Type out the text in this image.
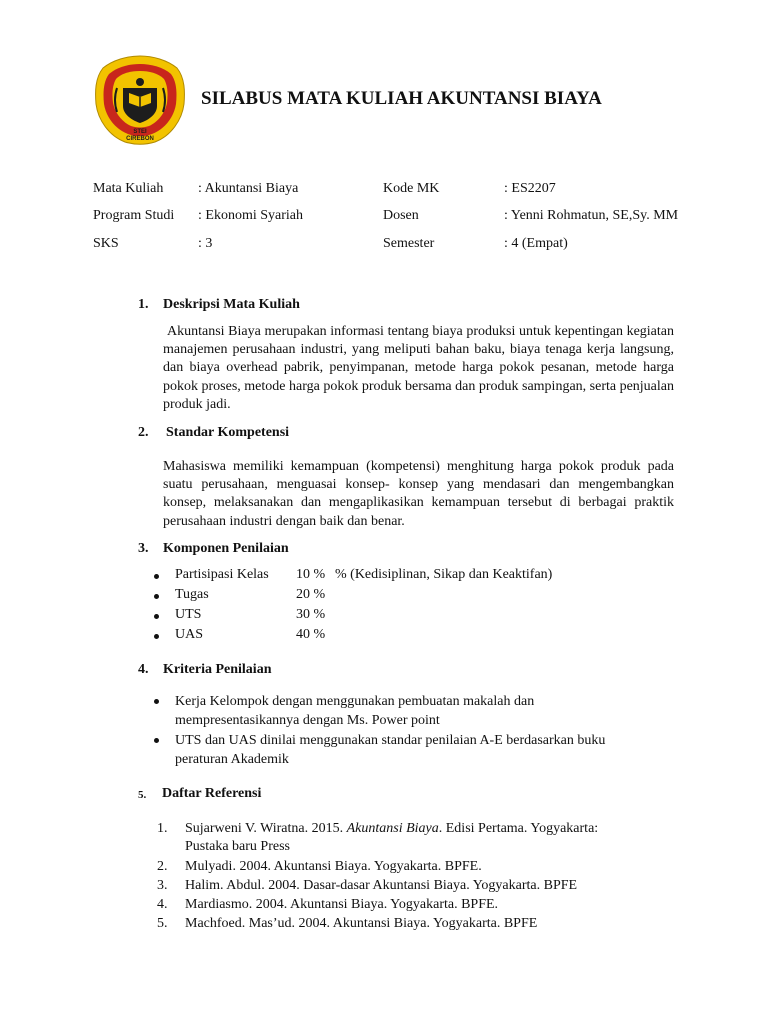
STEI
CIREBON
SILABUS MATA KULIAH AKUNTANSI BIAYA
Mata Kuliah : Akuntansi Biaya	Kode MK	: ES2207
Program Studi : Ekonomi Syariah	Dosen	: Yenni Rohmatun, SE,Sy. MM
SKS	: 3	Semester	: 4 (Empat)
1. Deskripsi Mata Kuliah
Akuntansi Biaya merupakan informasi tentang biaya produksi untuk kepentingan kegiatan manajemen perusahaan industri, yang meliputi bahan baku, biaya tenaga kerja langsung, dan biaya overhead pabrik, penyimpanan, metode harga pokok pesanan, metode harga pokok proses, metode harga pokok produk bersama dan produk sampingan, serta penjualan produk jadi.
2. Standar Kompetensi
Mahasiswa memiliki kemampuan (kompetensi) menghitung harga pokok produk pada suatu perusahaan, menguasai konsep- konsep yang mendasari dan mengembangkan konsep, melaksanakan dan mengaplikasikan kemampuan tersebut di berbagai praktik perusahaan industri dengan baik dan benar.
3. Komponen Penilaian
Partisipasi Kelas 10 % % (Kedisiplinan, Sikap dan Keaktifan)
Tugas	20 %
UTS	30 %
UAS	40 %
4. Kriteria Penilaian
Kerja Kelompok dengan menggunakan pembuatan makalah dan
mempresentasikannya dengan Ms. Power point
UTS dan UAS dinilai menggunakan standar penilaian A-E berdasarkan buku
peraturan Akademik
5. Daftar Referensi
1. Sujarweni V. Wiratna. 2015. Akuntansi Biaya. Edisi Pertama. Yogyakarta:
Pustaka baru Press
2. Mulyadi. 2004. Akuntansi Biaya. Yogyakarta. BPFE.
3. Halim. Abdul. 2004. Dasar-dasar Akuntansi Biaya. Yogyakarta. BPFE
4. Mardiasmo. 2004. Akuntansi Biaya. Yogyakarta. BPFE.
5. Machfoed. Mas’ud. 2004. Akuntansi Biaya. Yogyakarta. BPFE
